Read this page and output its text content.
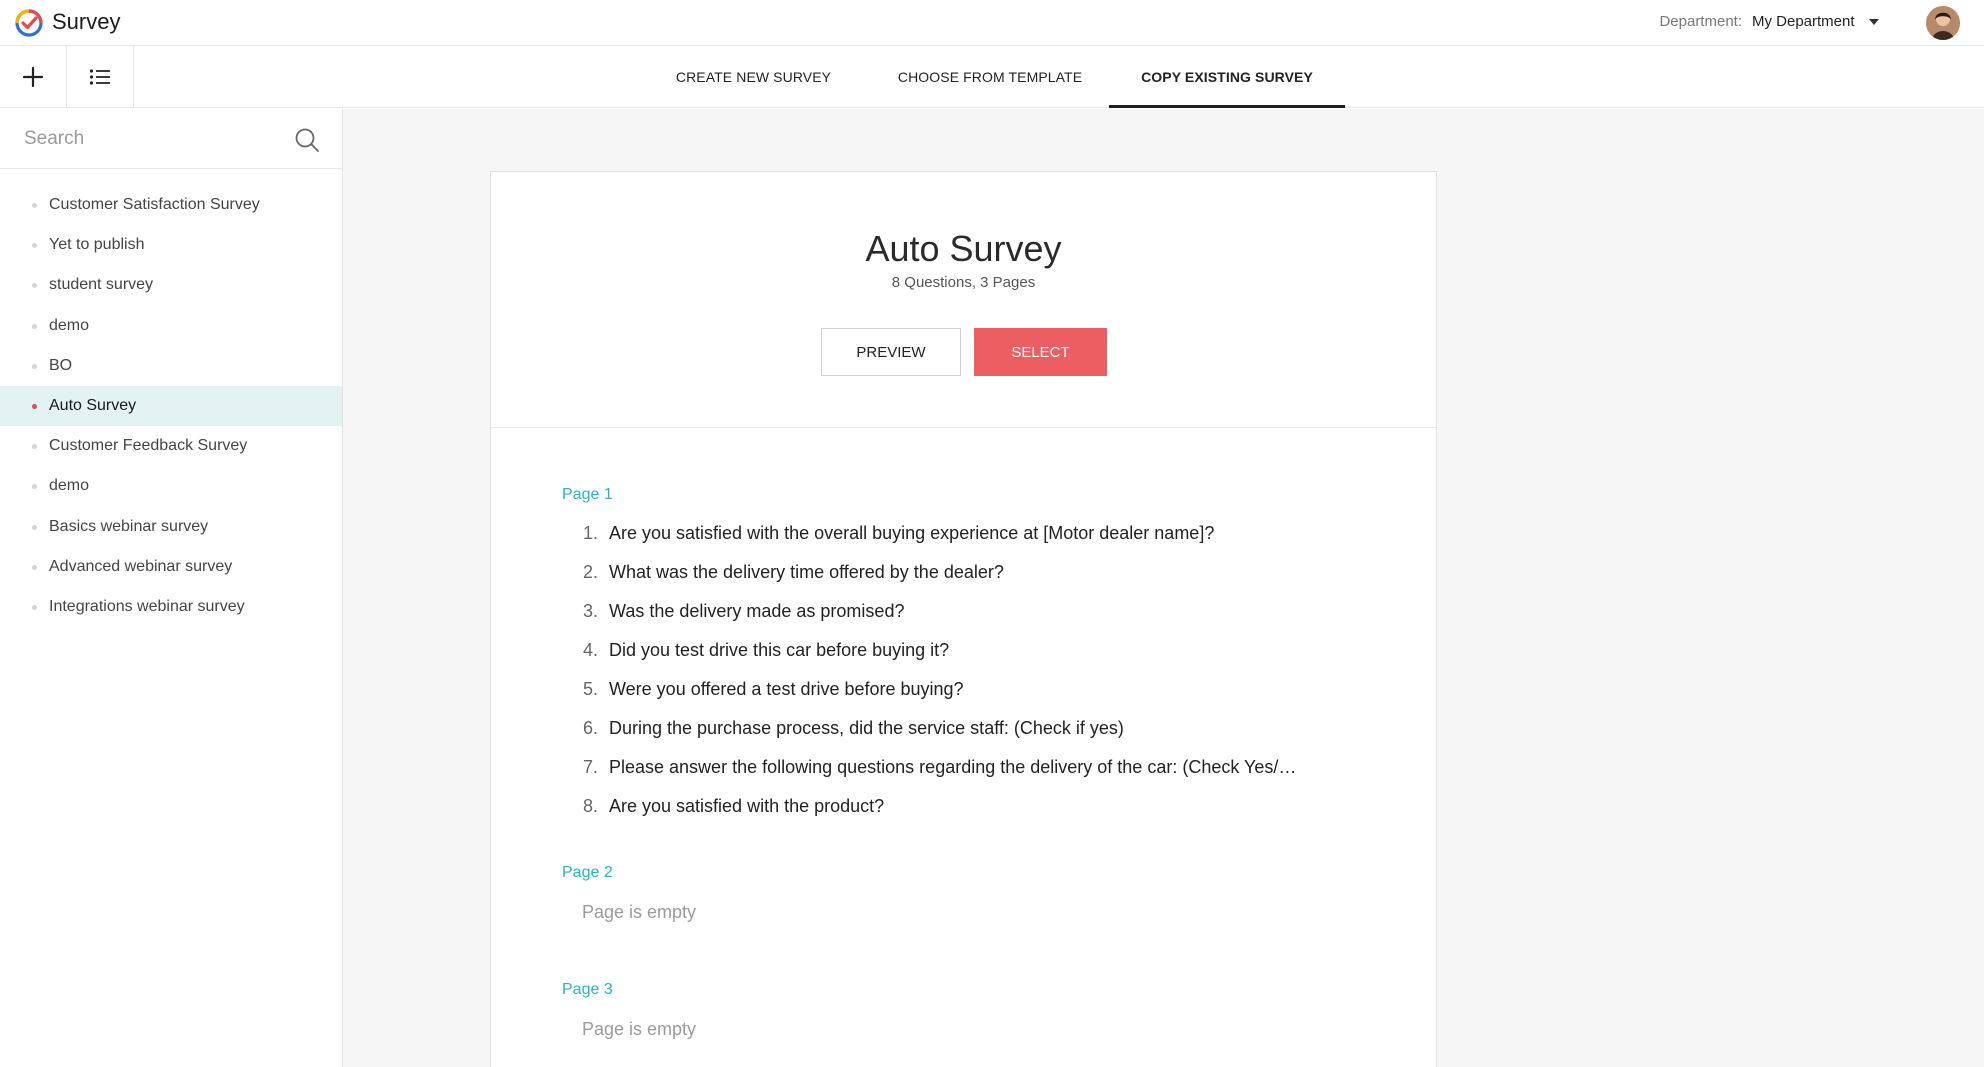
Survey	Department: My Department
CREATE NEW SURVEY	CHOOSE FROM TEMPLATE	COPY EXISTING SURVEY
Search
Customer Satisfaction Survey
Yet to publish
student survey
demo
BO
Auto Survey
Customer Feedback Survey
demo
Basics webinar survey
Advanced webinar survey
Integrations webinar survey
Auto Survey
8 Questions, 3 Pages
PREVIEW	SELECT
Page 1
1. Are you satisfied with the overall buying experience at [Motor dealer name]?
2. What was the delivery time offered by the dealer?
3. Was the delivery made as promised?
4. Did you test drive this car before buying it?
5. Were you offered a test drive before buying?
6. During the purchase process, did the service staff: (Check if yes)
7. Please answer the following questions regarding the delivery of the car: (Check Yes/…
8. Are you satisfied with the product?
Page 2
Page is empty
Page 3
Page is empty
